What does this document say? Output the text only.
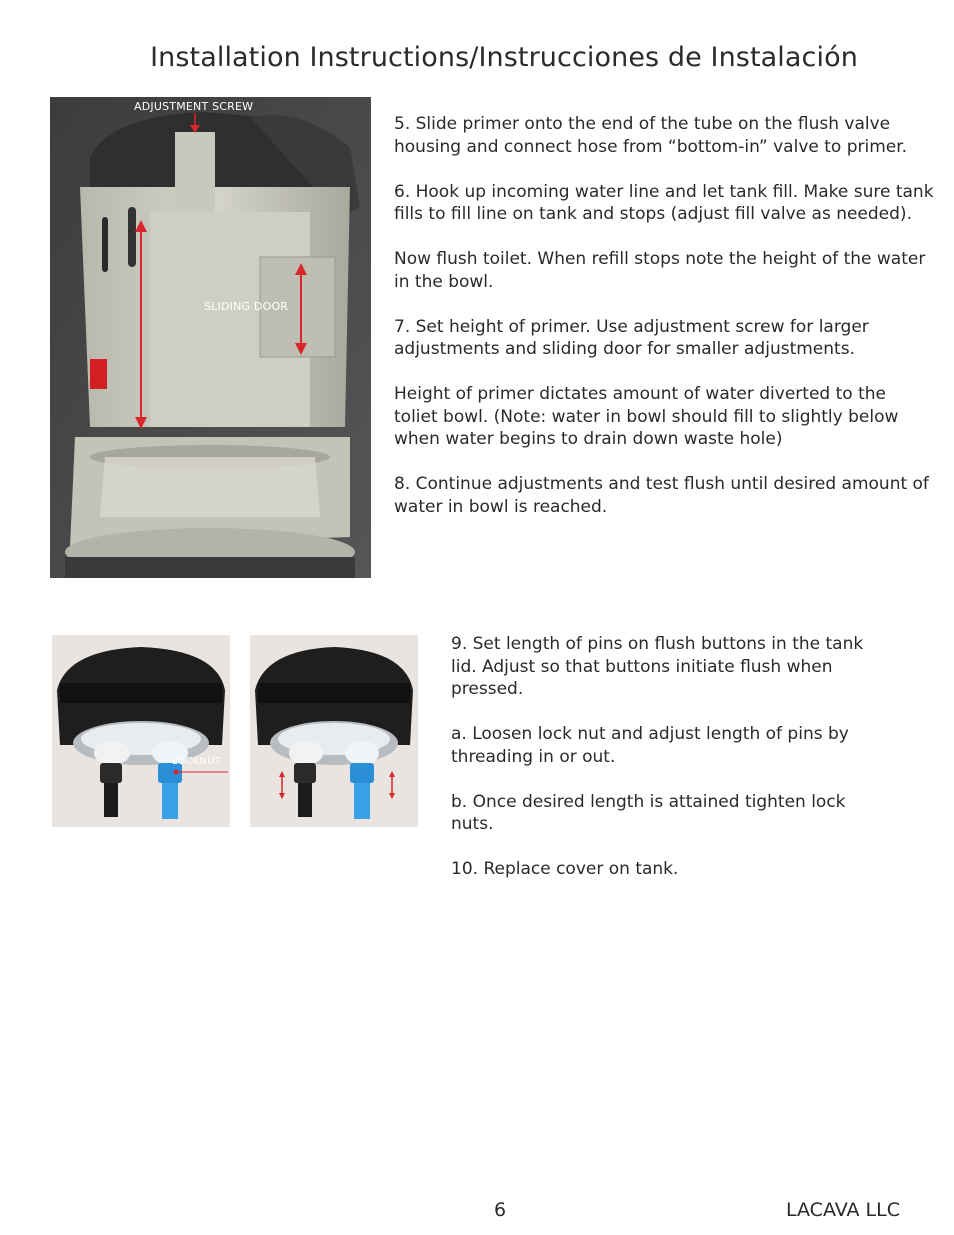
Installation Instructions/Instrucciones de Instalación
ADJUSTMENT SCREW
SLIDING DOOR

5. Slide primer onto the end of the tube on the flush valve housing and connect hose from “bottom-in” valve to primer.

6. Hook up incoming water line and let tank fill. Make sure tank fills to fill line on tank and stops (adjust fill valve as needed).

Now flush toilet. When refill stops note the height of the water in the bowl.

7. Set height of primer. Use adjustment screw for larger adjustments and sliding door for smaller adjustments.

Height of primer dictates amount of water diverted to the toliet bowl. (Note: water in bowl should fill to slightly below when water begins to drain down waste hole)

8. Continue adjustments and test flush until desired amount of water in bowl is reached.

LOCKNUT

9. Set length of pins on flush buttons in the tank lid. Adjust so that buttons initiate flush when pressed.

a. Loosen lock nut and adjust length of pins by threading in or out.

b. Once desired length is attained tighten lock nuts.

10. Replace cover on tank.

6	LACAVA LLC
